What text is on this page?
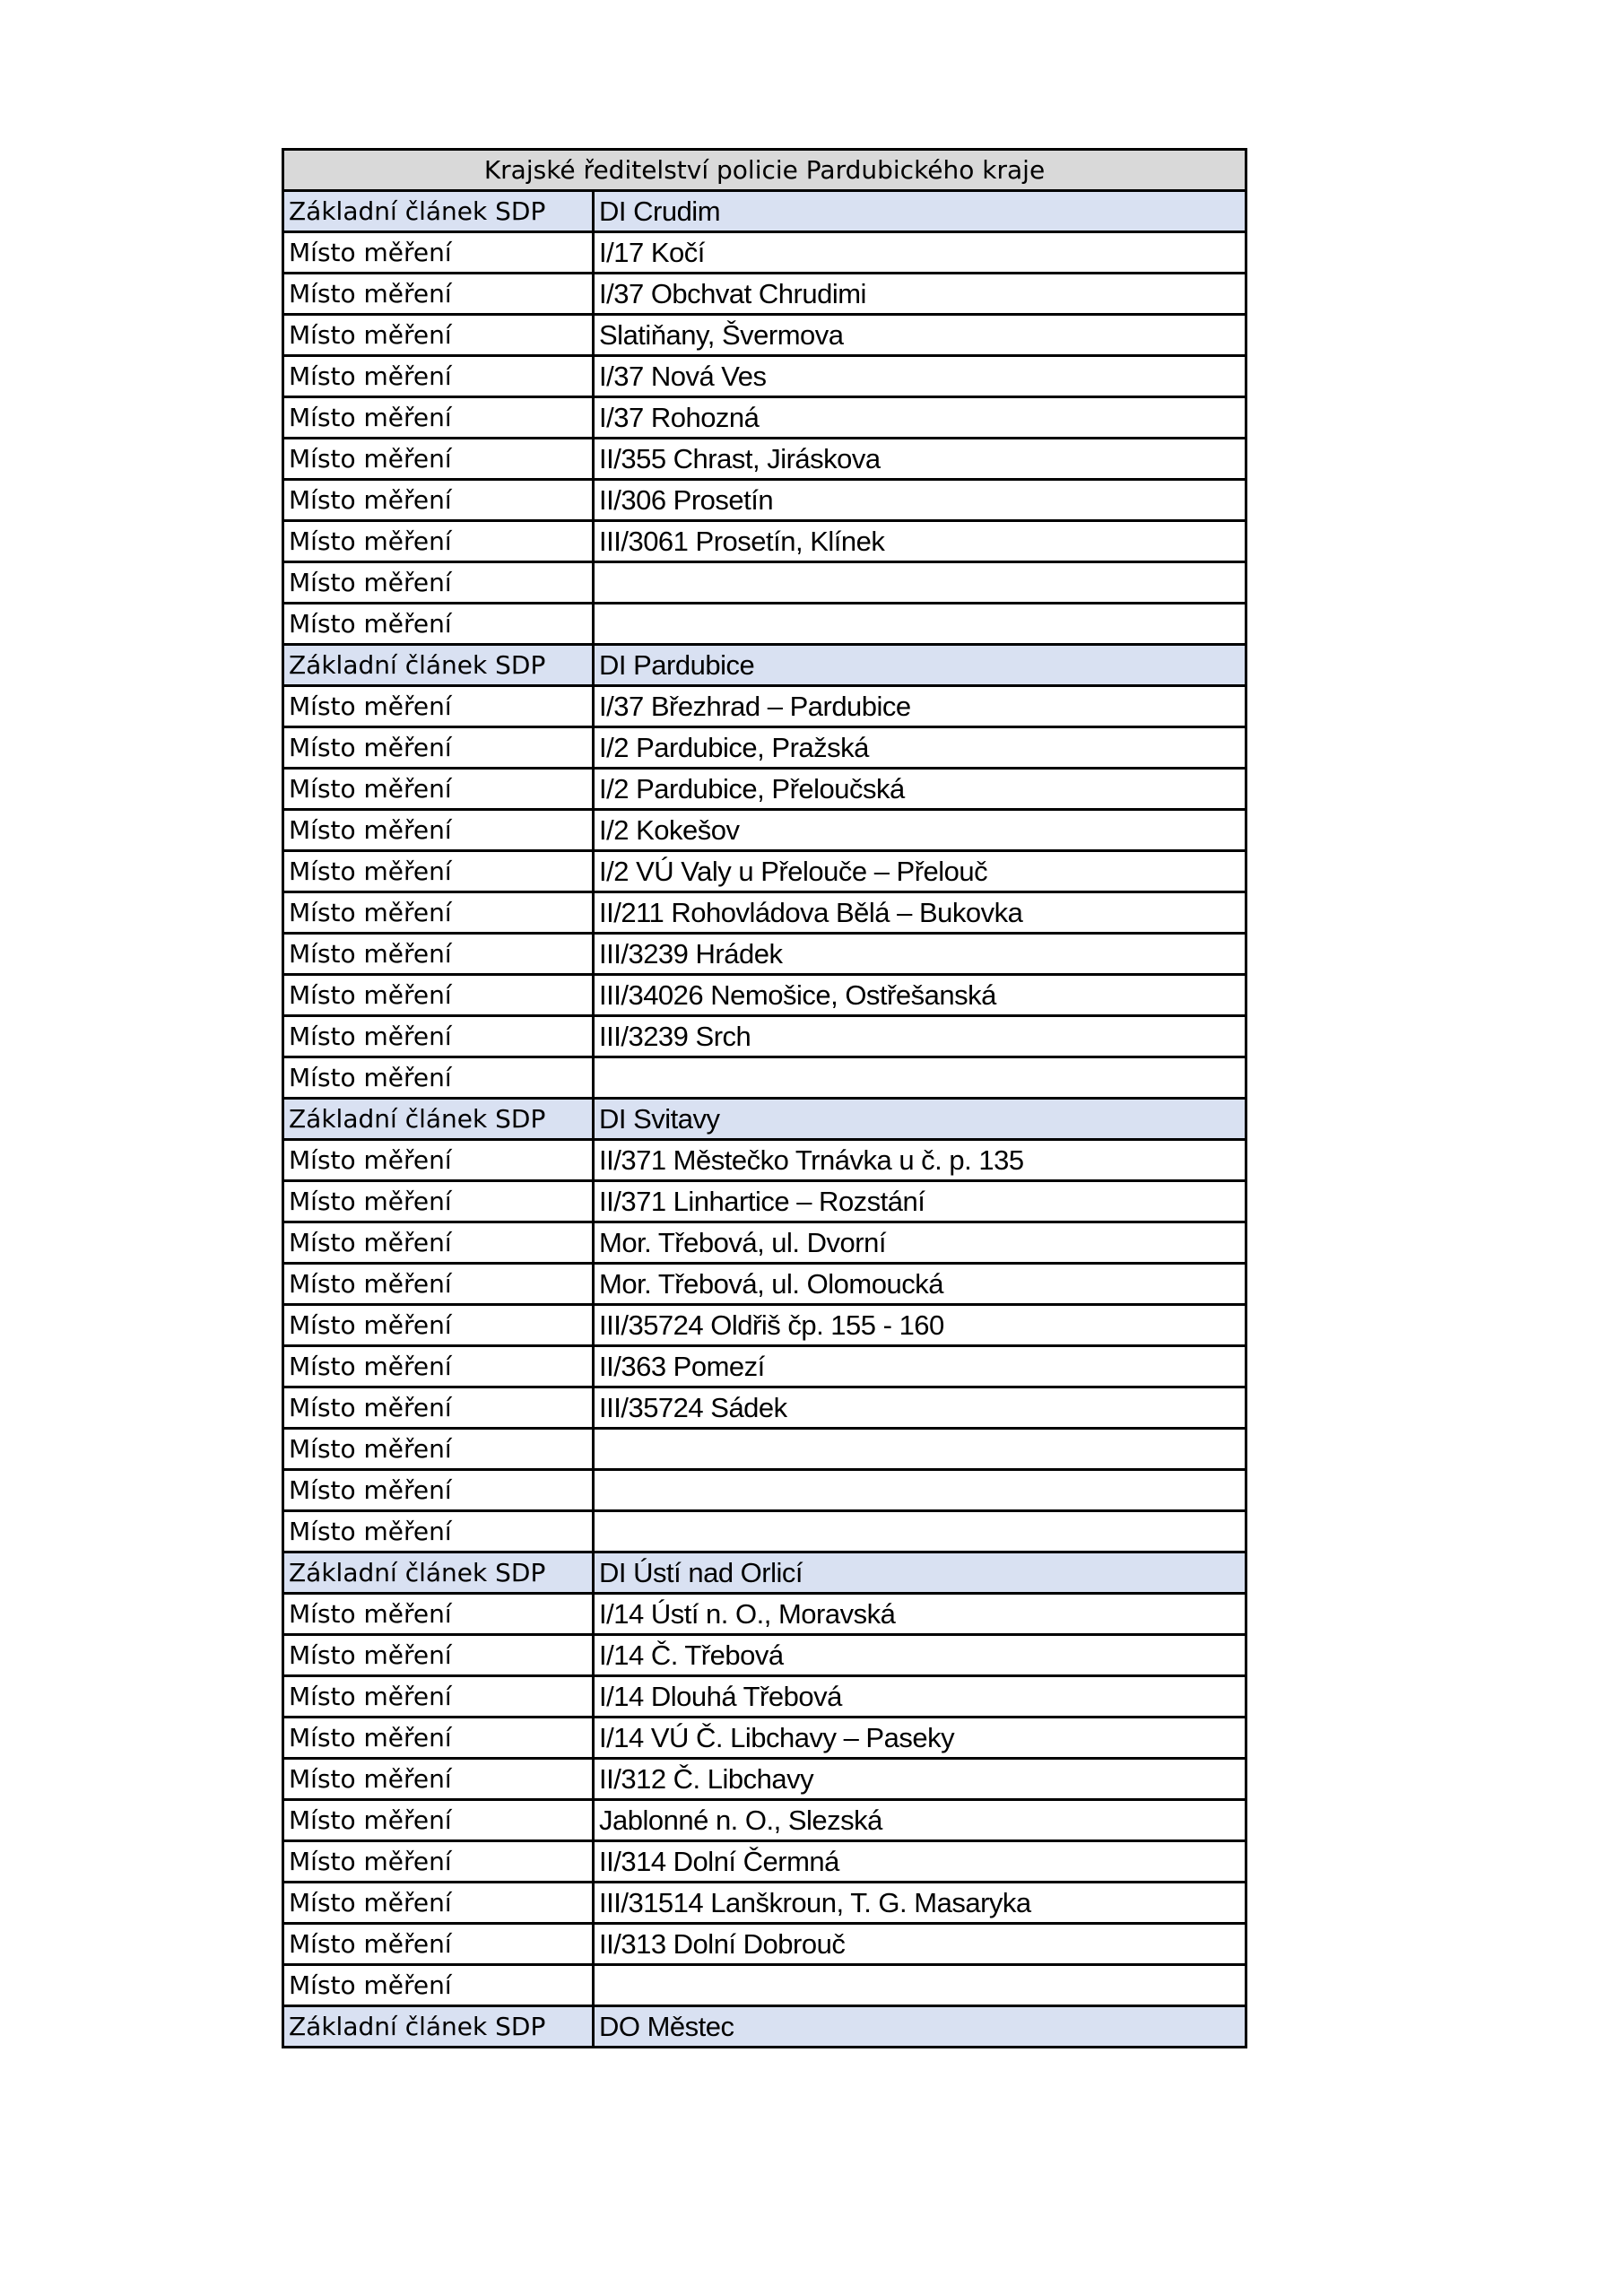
Krajské ředitelství policie Pardubického kraje	
Základní článek SDP	DI Crudim
Místo měření	I/17 Kočí
Místo měření	I/37 Obchvat Chrudimi
Místo měření	Slatiňany, Švermova
Místo měření	I/37 Nová Ves
Místo měření	I/37 Rohozná
Místo měření	II/355 Chrast, Jiráskova
Místo měření	II/306 Prosetín
Místo měření	III/3061 Prosetín, Klínek
Místo měření	
Místo měření	
Základní článek SDP	DI Pardubice
Místo měření	I/37 Březhrad – Pardubice
Místo měření	I/2 Pardubice, Pražská
Místo měření	I/2 Pardubice, Přeloučská
Místo měření	I/2 Kokešov
Místo měření	I/2 VÚ Valy u Přelouče – Přelouč
Místo měření	II/211 Rohovládova Bělá – Bukovka
Místo měření	III/3239 Hrádek
Místo měření	III/34026 Nemošice, Ostřešanská
Místo měření	III/3239 Srch
Místo měření	
Základní článek SDP	DI Svitavy
Místo měření	II/371 Městečko Trnávka u č. p. 135
Místo měření	II/371 Linhartice – Rozstání
Místo měření	Mor. Třebová, ul. Dvorní
Místo měření	Mor. Třebová, ul. Olomoucká
Místo měření	III/35724 Oldřiš čp. 155 - 160
Místo měření	II/363 Pomezí
Místo měření	III/35724 Sádek
Místo měření	
Místo měření	
Místo měření	
Základní článek SDP	DI Ústí nad Orlicí
Místo měření	I/14 Ústí n. O., Moravská
Místo měření	I/14 Č. Třebová
Místo měření	I/14 Dlouhá Třebová
Místo měření	I/14 VÚ Č. Libchavy – Paseky
Místo měření	II/312 Č. Libchavy
Místo měření	Jablonné n. O., Slezská
Místo měření	II/314 Dolní Čermná
Místo měření	III/31514 Lanškroun, T. G. Masaryka
Místo měření	II/313 Dolní Dobrouč
Místo měření	
Základní článek SDP	DO Městec
